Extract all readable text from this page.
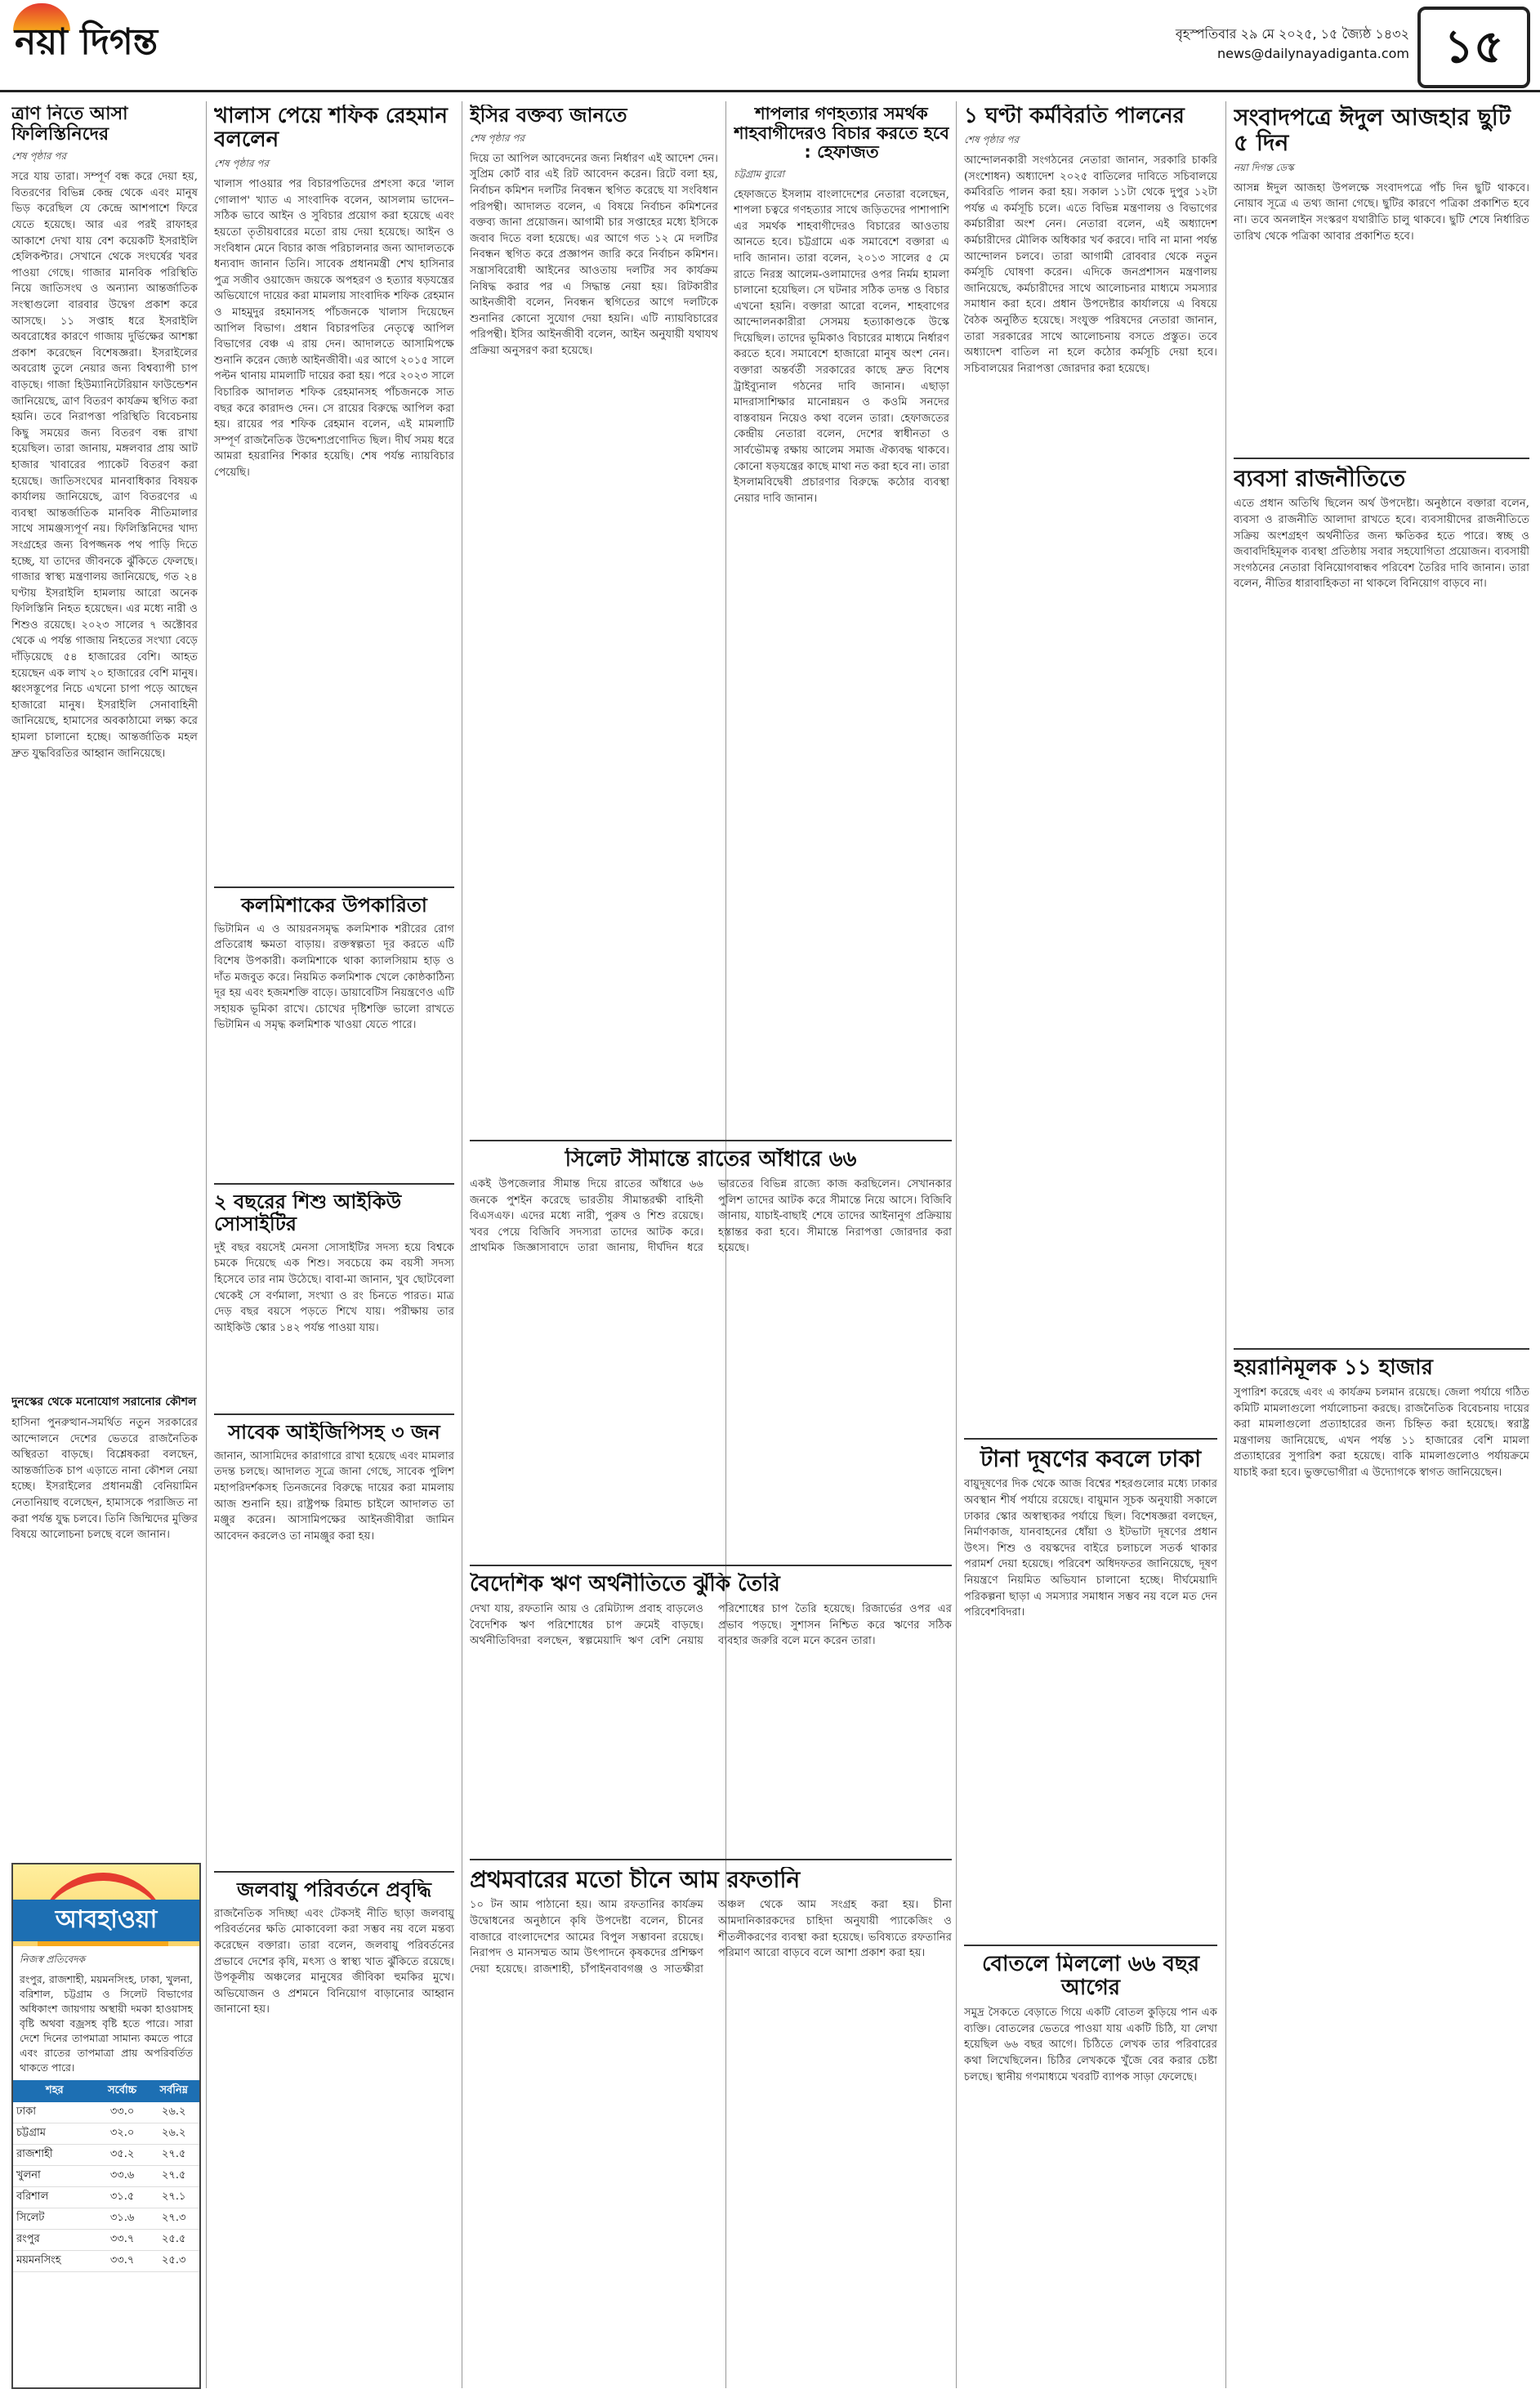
নয়া দিগন্ত	বৃহস্পতিবার ২৯ মে ২০২৫, ১৫ জ্যৈষ্ঠ ১৪৩২
news@dailynayadiganta.com ১৫
ত্রাণ নিতে আসা ফিলিস্তিনিদের
শেষ পৃষ্ঠার পর

সরে যায় তারা। সম্পূর্ণ বন্ধ করে দেয়া হয়, বিতরণের বিভিন্ন কেন্দ্র থেকে এবং মানুষ ভিড় করেছিল যে কেন্দ্রে আশপাশে ফিরে যেতে হয়েছে। আর এর পরই রাফাহর আকাশে দেখা যায় বেশ কয়েকটি ইসরাইলি হেলিকপ্টার। সেখানে থেকে সংঘর্ষের খবর পাওয়া গেছে। গাজার মানবিক পরিস্থিতি নিয়ে জাতিসংঘ ও অন্যান্য আন্তর্জাতিক সংস্থাগুলো বারবার উদ্বেগ প্রকাশ করে আসছে। ১১ সপ্তাহ ধরে ইসরাইলি অবরোধের কারণে গাজায় দুর্ভিক্ষের আশঙ্কা প্রকাশ করেছেন বিশেষজ্ঞরা। ইসরাইলের অবরোধ তুলে নেয়ার জন্য বিশ্বব্যাপী চাপ বাড়ছে। গাজা হিউম্যানিটেরিয়ান ফাউন্ডেশন জানিয়েছে, ত্রাণ বিতরণ কার্যক্রম স্থগিত করা হয়নি। তবে নিরাপত্তা পরিস্থিতি বিবেচনায় কিছু সময়ের জন্য বিতরণ বন্ধ রাখা হয়েছিল। তারা জানায়, মঙ্গলবার প্রায় আট হাজার খাবারের প্যাকেট বিতরণ করা হয়েছে। জাতিসংঘের মানবাধিকার বিষয়ক কার্যালয় জানিয়েছে, ত্রাণ বিতরণের এ ব্যবস্থা আন্তর্জাতিক মানবিক নীতিমালার সাথে সামঞ্জস্যপূর্ণ নয়। ফিলিস্তিনিদের খাদ্য সংগ্রহের জন্য বিপজ্জনক পথ পাড়ি দিতে হচ্ছে, যা তাদের জীবনকে ঝুঁকিতে ফেলছে। গাজার স্বাস্থ্য মন্ত্রণালয় জানিয়েছে, গত ২৪ ঘণ্টায় ইসরাইলি হামলায় আরো অনেক ফিলিস্তিনি নিহত হয়েছেন। এর মধ্যে নারী ও শিশুও রয়েছে। ২০২৩ সালের ৭ অক্টোবর থেকে এ পর্যন্ত গাজায় নিহতের সংখ্যা বেড়ে দাঁড়িয়েছে ৫৪ হাজারের বেশি। আহত হয়েছেন এক লাখ ২০ হাজারের বেশি মানুষ। ধ্বংসস্তূপের নিচে এখনো চাপা পড়ে আছেন হাজারো মানুষ। ইসরাইলি সেনাবাহিনী জানিয়েছে, হামাসের অবকাঠামো লক্ষ্য করে হামলা চালানো হচ্ছে। আন্তর্জাতিক মহল দ্রুত যুদ্ধবিরতির আহ্বান জানিয়েছে।

দুনস্কের থেকে মনোযোগ সরানোর কৌশল

হাসিনা পুনরুত্থান-সমর্থিত নতুন সরকারের আন্দোলনে দেশের ভেতরে রাজনৈতিক অস্থিরতা বাড়ছে। বিশ্লেষকরা বলছেন, আন্তর্জাতিক চাপ এড়াতে নানা কৌশল নেয়া হচ্ছে। ইসরাইলের প্রধানমন্ত্রী বেনিয়ামিন নেতানিয়াহু বলেছেন, হামাসকে পরাজিত না করা পর্যন্ত যুদ্ধ চলবে। তিনি জিম্মিদের মুক্তির বিষয়ে আলোচনা চলছে বলে জানান।

আবহাওয়া
নিজস্ব প্রতিবেদক

রংপুর, রাজশাহী, ময়মনসিংহ, ঢাকা, খুলনা, বরিশাল, চট্টগ্রাম ও সিলেট বিভাগের অধিকাংশ জায়গায় অস্থায়ী দমকা হাওয়াসহ বৃষ্টি অথবা বজ্রসহ বৃষ্টি হতে পারে। সারা দেশে দিনের তাপমাত্রা সামান্য কমতে পারে এবং রাতের তাপমাত্রা প্রায় অপরিবর্তিত থাকতে পারে।

শহর	সর্বোচ্চ	সর্বনিম্ন
ঢাকা	৩৩.০	২৬.২
চট্টগ্রাম	৩২.০	২৬.২
রাজশাহী	৩৫.২	২৭.৫
খুলনা	৩৩.৬	২৭.৫
বরিশাল	৩১.৫	২৭.১
সিলেট	৩১.৬	২৭.৩
রংপুর	৩৩.৭	২৫.৫
ময়মনসিংহ	৩৩.৭	২৫.৩
খালাস পেয়ে শফিক রেহমান বললেন
শেষ পৃষ্ঠার পর

খালাস পাওয়ার পর বিচারপতিদের প্রশংসা করে 'লাল গোলাপ' খ্যাত এ সাংবাদিক বলেন, আসলাম ভাদেন– সঠিক ভাবে আইন ও সুবিচার প্রয়োগ করা হয়েছে এবং হয়তো তৃতীয়বারের মতো রায় দেয়া হয়েছে। আইন ও সংবিধান মেনে বিচার কাজ পরিচালনার জন্য আদালতকে ধন্যবাদ জানান তিনি। সাবেক প্রধানমন্ত্রী শেখ হাসিনার পুত্র সজীব ওয়াজেদ জয়কে অপহরণ ও হত্যার ষড়যন্ত্রের অভিযোগে দায়ের করা মামলায় সাংবাদিক শফিক রেহমান ও মাহমুদুর রহমানসহ পাঁচজনকে খালাস দিয়েছেন আপিল বিভাগ। প্রধান বিচারপতির নেতৃত্বে আপিল বিভাগের বেঞ্চ এ রায় দেন। আদালতে আসামিপক্ষে শুনানি করেন জ্যেষ্ঠ আইনজীবী। এর আগে ২০১৫ সালে পল্টন থানায় মামলাটি দায়ের করা হয়। পরে ২০২৩ সালে বিচারিক আদালত শফিক রেহমানসহ পাঁচজনকে সাত বছর করে কারাদণ্ড দেন। সে রায়ের বিরুদ্ধে আপিল করা হয়। রায়ের পর শফিক রেহমান বলেন, এই মামলাটি সম্পূর্ণ রাজনৈতিক উদ্দেশ্যপ্রণোদিত ছিল। দীর্ঘ সময় ধরে আমরা হয়রানির শিকার হয়েছি। শেষ পর্যন্ত ন্যায়বিচার পেয়েছি।

কলমিশাকের উপকারিতা

ভিটামিন এ ও আয়রনসমৃদ্ধ কলমিশাক শরীরের রোগ প্রতিরোধ ক্ষমতা বাড়ায়। রক্তস্বল্পতা দূর করতে এটি বিশেষ উপকারী। কলমিশাকে থাকা ক্যালসিয়াম হাড় ও দাঁত মজবুত করে। নিয়মিত কলমিশাক খেলে কোষ্ঠকাঠিন্য দূর হয় এবং হজমশক্তি বাড়ে। ডায়াবেটিস নিয়ন্ত্রণেও এটি সহায়ক ভূমিকা রাখে। চোখের দৃষ্টিশক্তি ভালো রাখতে ভিটামিন এ সমৃদ্ধ কলমিশাক খাওয়া যেতে পারে।

২ বছরের শিশু আইকিউ সোসাইটির

দুই বছর বয়সেই মেনসা সোসাইটির সদস্য হয়ে বিশ্বকে চমকে দিয়েছে এক শিশু। সবচেয়ে কম বয়সী সদস্য হিসেবে তার নাম উঠেছে। বাবা-মা জানান, খুব ছোটবেলা থেকেই সে বর্ণমালা, সংখ্যা ও রং চিনতে পারত। মাত্র দেড় বছর বয়সে পড়তে শিখে যায়। পরীক্ষায় তার আইকিউ স্কোর ১৪২ পর্যন্ত পাওয়া যায়।

সাবেক আইজিপিসহ ৩ জন

জানান, আসামিদের কারাগারে রাখা হয়েছে এবং মামলার তদন্ত চলছে। আদালত সূত্রে জানা গেছে, সাবেক পুলিশ মহাপরিদর্শকসহ তিনজনের বিরুদ্ধে দায়ের করা মামলায় আজ শুনানি হয়। রাষ্ট্রপক্ষ রিমান্ড চাইলে আদালত তা মঞ্জুর করেন। আসামিপক্ষের আইনজীবীরা জামিন আবেদন করলেও তা নামঞ্জুর করা হয়।

জলবায়ু পরিবর্তনে প্রবৃদ্ধি

রাজনৈতিক সদিচ্ছা এবং টেকসই নীতি ছাড়া জলবায়ু পরিবর্তনের ক্ষতি মোকাবেলা করা সম্ভব নয় বলে মন্তব্য করেছেন বক্তারা। তারা বলেন, জলবায়ু পরিবর্তনের প্রভাবে দেশের কৃষি, মৎস্য ও স্বাস্থ্য খাত ঝুঁকিতে রয়েছে। উপকূলীয় অঞ্চলের মানুষের জীবিকা হুমকির মুখে। অভিযোজন ও প্রশমনে বিনিয়োগ বাড়ানোর আহ্বান জানানো হয়।

ইসির বক্তব্য জানতে
শেষ পৃষ্ঠার পর

দিয়ে তা আপিল আবেদনের জন্য নির্ধারণ এই আদেশ দেন। সুপ্রিম কোর্ট বার এই রিট আবেদন করেন। রিটে বলা হয়, নির্বাচন কমিশন দলটির নিবন্ধন স্থগিত করেছে যা সংবিধান পরিপন্থী। আদালত বলেন, এ বিষয়ে নির্বাচন কমিশনের বক্তব্য জানা প্রয়োজন। আগামী চার সপ্তাহের মধ্যে ইসিকে জবাব দিতে বলা হয়েছে। এর আগে গত ১২ মে দলটির নিবন্ধন স্থগিত করে প্রজ্ঞাপন জারি করে নির্বাচন কমিশন। সন্ত্রাসবিরোধী আইনের আওতায় দলটির সব কার্যক্রম নিষিদ্ধ করার পর এ সিদ্ধান্ত নেয়া হয়। রিটকারীর আইনজীবী বলেন, নিবন্ধন স্থগিতের আগে দলটিকে শুনানির কোনো সুযোগ দেয়া হয়নি। এটি ন্যায়বিচারের পরিপন্থী। ইসির আইনজীবী বলেন, আইন অনুযায়ী যথাযথ প্রক্রিয়া অনুসরণ করা হয়েছে।

সিলেট সীমান্তে রাতের আঁধারে ৬৬

একই উপজেলার সীমান্ত দিয়ে রাতের আঁধারে ৬৬ জনকে পুশইন করেছে ভারতীয় সীমান্তরক্ষী বাহিনী বিএসএফ। এদের মধ্যে নারী, পুরুষ ও শিশু রয়েছে। খবর পেয়ে বিজিবি সদস্যরা তাদের আটক করে। প্রাথমিক জিজ্ঞাসাবাদে তারা জানায়, দীর্ঘদিন ধরে ভারতের বিভিন্ন রাজ্যে কাজ করছিলেন। সেখানকার পুলিশ তাদের আটক করে সীমান্তে নিয়ে আসে। বিজিবি জানায়, যাচাই-বাছাই শেষে তাদের আইনানুগ প্রক্রিয়ায় হস্তান্তর করা হবে। সীমান্তে নিরাপত্তা জোরদার করা হয়েছে।

বৈদেশিক ঋণ অর্থনীতিতে ঝুঁকি তৈরি

দেখা যায়, রফতানি আয় ও রেমিট্যান্স প্রবাহ বাড়লেও বৈদেশিক ঋণ পরিশোধের চাপ ক্রমেই বাড়ছে। অর্থনীতিবিদরা বলছেন, স্বল্পমেয়াদি ঋণ বেশি নেয়ায় পরিশোধের চাপ তৈরি হয়েছে। রিজার্ভের ওপর এর প্রভাব পড়ছে। সুশাসন নিশ্চিত করে ঋণের সঠিক ব্যবহার জরুরি বলে মনে করেন তারা।

প্রথমবারের মতো চীনে আম রফতানি

১০ টন আম পাঠানো হয়। আম রফতানির কার্যক্রম উদ্বোধনের অনুষ্ঠানে কৃষি উপদেষ্টা বলেন, চীনের বাজারে বাংলাদেশের আমের বিপুল সম্ভাবনা রয়েছে। নিরাপদ ও মানসম্মত আম উৎপাদনে কৃষকদের প্রশিক্ষণ দেয়া হয়েছে। রাজশাহী, চাঁপাইনবাবগঞ্জ ও সাতক্ষীরা অঞ্চল থেকে আম সংগ্রহ করা হয়। চীনা আমদানিকারকদের চাহিদা অনুযায়ী প্যাকেজিং ও শীতলীকরণের ব্যবস্থা করা হয়েছে। ভবিষ্যতে রফতানির পরিমাণ আরো বাড়বে বলে আশা প্রকাশ করা হয়।

শাপলার গণহত্যার সমর্থক শাহবাগীদেরও বিচার করতে হবে : হেফাজত
চট্টগ্রাম ব্যুরো

হেফাজতে ইসলাম বাংলাদেশের নেতারা বলেছেন, শাপলা চত্বরে গণহত্যার সাথে জড়িতদের পাশাপাশি এর সমর্থক শাহবাগীদেরও বিচারের আওতায় আনতে হবে। চট্টগ্রামে এক সমাবেশে বক্তারা এ দাবি জানান। তারা বলেন, ২০১৩ সালের ৫ মে রাতে নিরস্ত্র আলেম-ওলামাদের ওপর নির্মম হামলা চালানো হয়েছিল। সে ঘটনার সঠিক তদন্ত ও বিচার এখনো হয়নি। বক্তারা আরো বলেন, শাহবাগের আন্দোলনকারীরা সেসময় হত্যাকাণ্ডকে উস্কে দিয়েছিল। তাদের ভূমিকাও বিচারের মাধ্যমে নির্ধারণ করতে হবে। সমাবেশে হাজারো মানুষ অংশ নেন। বক্তারা অন্তর্বর্তী সরকারের কাছে দ্রুত বিশেষ ট্রাইব্যুনাল গঠনের দাবি জানান। এছাড়া মাদরাসাশিক্ষার মানোন্নয়ন ও কওমি সনদের বাস্তবায়ন নিয়েও কথা বলেন তারা। হেফাজতের কেন্দ্রীয় নেতারা বলেন, দেশের স্বাধীনতা ও সার্বভৌমত্ব রক্ষায় আলেম সমাজ ঐক্যবদ্ধ থাকবে। কোনো ষড়যন্ত্রের কাছে মাথা নত করা হবে না। তারা ইসলামবিদ্বেষী প্রচারণার বিরুদ্ধে কঠোর ব্যবস্থা নেয়ার দাবি জানান।

১ ঘণ্টা কর্মবিরতি পালনের
শেষ পৃষ্ঠার পর

আন্দোলনকারী সংগঠনের নেতারা জানান, সরকারি চাকরি (সংশোধন) অধ্যাদেশ ২০২৫ বাতিলের দাবিতে সচিবালয়ে কর্মবিরতি পালন করা হয়। সকাল ১১টা থেকে দুপুর ১২টা পর্যন্ত এ কর্মসূচি চলে। এতে বিভিন্ন মন্ত্রণালয় ও বিভাগের কর্মচারীরা অংশ নেন। নেতারা বলেন, এই অধ্যাদেশ কর্মচারীদের মৌলিক অধিকার খর্ব করবে। দাবি না মানা পর্যন্ত আন্দোলন চলবে। তারা আগামী রোববার থেকে নতুন কর্মসূচি ঘোষণা করেন। এদিকে জনপ্রশাসন মন্ত্রণালয় জানিয়েছে, কর্মচারীদের সাথে আলোচনার মাধ্যমে সমস্যার সমাধান করা হবে। প্রধান উপদেষ্টার কার্যালয়ে এ বিষয়ে বৈঠক অনুষ্ঠিত হয়েছে। সংযুক্ত পরিষদের নেতারা জানান, তারা সরকারের সাথে আলোচনায় বসতে প্রস্তুত। তবে অধ্যাদেশ বাতিল না হলে কঠোর কর্মসূচি দেয়া হবে। সচিবালয়ের নিরাপত্তা জোরদার করা হয়েছে।

টানা দূষণের কবলে ঢাকা

বায়ুদূষণের দিক থেকে আজ বিশ্বের শহরগুলোর মধ্যে ঢাকার অবস্থান শীর্ষ পর্যায়ে রয়েছে। বায়ুমান সূচক অনুযায়ী সকালে ঢাকার স্কোর অস্বাস্থ্যকর পর্যায়ে ছিল। বিশেষজ্ঞরা বলছেন, নির্মাণকাজ, যানবাহনের ধোঁয়া ও ইটভাটা দূষণের প্রধান উৎস। শিশু ও বয়স্কদের বাইরে চলাচলে সতর্ক থাকার পরামর্শ দেয়া হয়েছে। পরিবেশ অধিদফতর জানিয়েছে, দূষণ নিয়ন্ত্রণে নিয়মিত অভিযান চালানো হচ্ছে। দীর্ঘমেয়াদি পরিকল্পনা ছাড়া এ সমস্যার সমাধান সম্ভব নয় বলে মত দেন পরিবেশবিদরা।

বোতলে মিললো ৬৬ বছর আগের

সমুদ্র সৈকতে বেড়াতে গিয়ে একটি বোতল কুড়িয়ে পান এক ব্যক্তি। বোতলের ভেতরে পাওয়া যায় একটি চিঠি, যা লেখা হয়েছিল ৬৬ বছর আগে। চিঠিতে লেখক তার পরিবারের কথা লিখেছিলেন। চিঠির লেখককে খুঁজে বের করার চেষ্টা চলছে। স্থানীয় গণমাধ্যমে খবরটি ব্যাপক সাড়া ফেলেছে।

সংবাদপত্রে ঈদুল আজহার ছুটি ৫ দিন
নয়া দিগন্ত ডেস্ক

আসন্ন ঈদুল আজহা উপলক্ষে সংবাদপত্রে পাঁচ দিন ছুটি থাকবে। নোয়াব সূত্রে এ তথ্য জানা গেছে। ছুটির কারণে পত্রিকা প্রকাশিত হবে না। তবে অনলাইন সংস্করণ যথারীতি চালু থাকবে। ছুটি শেষে নির্ধারিত তারিখ থেকে পত্রিকা আবার প্রকাশিত হবে।

ব্যবসা রাজনীতিতে

এতে প্রধান অতিথি ছিলেন অর্থ উপদেষ্টা। অনুষ্ঠানে বক্তারা বলেন, ব্যবসা ও রাজনীতি আলাদা রাখতে হবে। ব্যবসায়ীদের রাজনীতিতে সক্রিয় অংশগ্রহণ অর্থনীতির জন্য ক্ষতিকর হতে পারে। স্বচ্ছ ও জবাবদিহিমূলক ব্যবস্থা প্রতিষ্ঠায় সবার সহযোগিতা প্রয়োজন। ব্যবসায়ী সংগঠনের নেতারা বিনিয়োগবান্ধব পরিবেশ তৈরির দাবি জানান। তারা বলেন, নীতির ধারাবাহিকতা না থাকলে বিনিয়োগ বাড়বে না।

হয়রানিমূলক ১১ হাজার

সুপারিশ করেছে এবং এ কার্যক্রম চলমান রয়েছে। জেলা পর্যায়ে গঠিত কমিটি মামলাগুলো পর্যালোচনা করছে। রাজনৈতিক বিবেচনায় দায়ের করা মামলাগুলো প্রত্যাহারের জন্য চিহ্নিত করা হয়েছে। স্বরাষ্ট্র মন্ত্রণালয় জানিয়েছে, এখন পর্যন্ত ১১ হাজারের বেশি মামলা প্রত্যাহারের সুপারিশ করা হয়েছে। বাকি মামলাগুলোও পর্যায়ক্রমে যাচাই করা হবে। ভুক্তভোগীরা এ উদ্যোগকে স্বাগত জানিয়েছেন।
